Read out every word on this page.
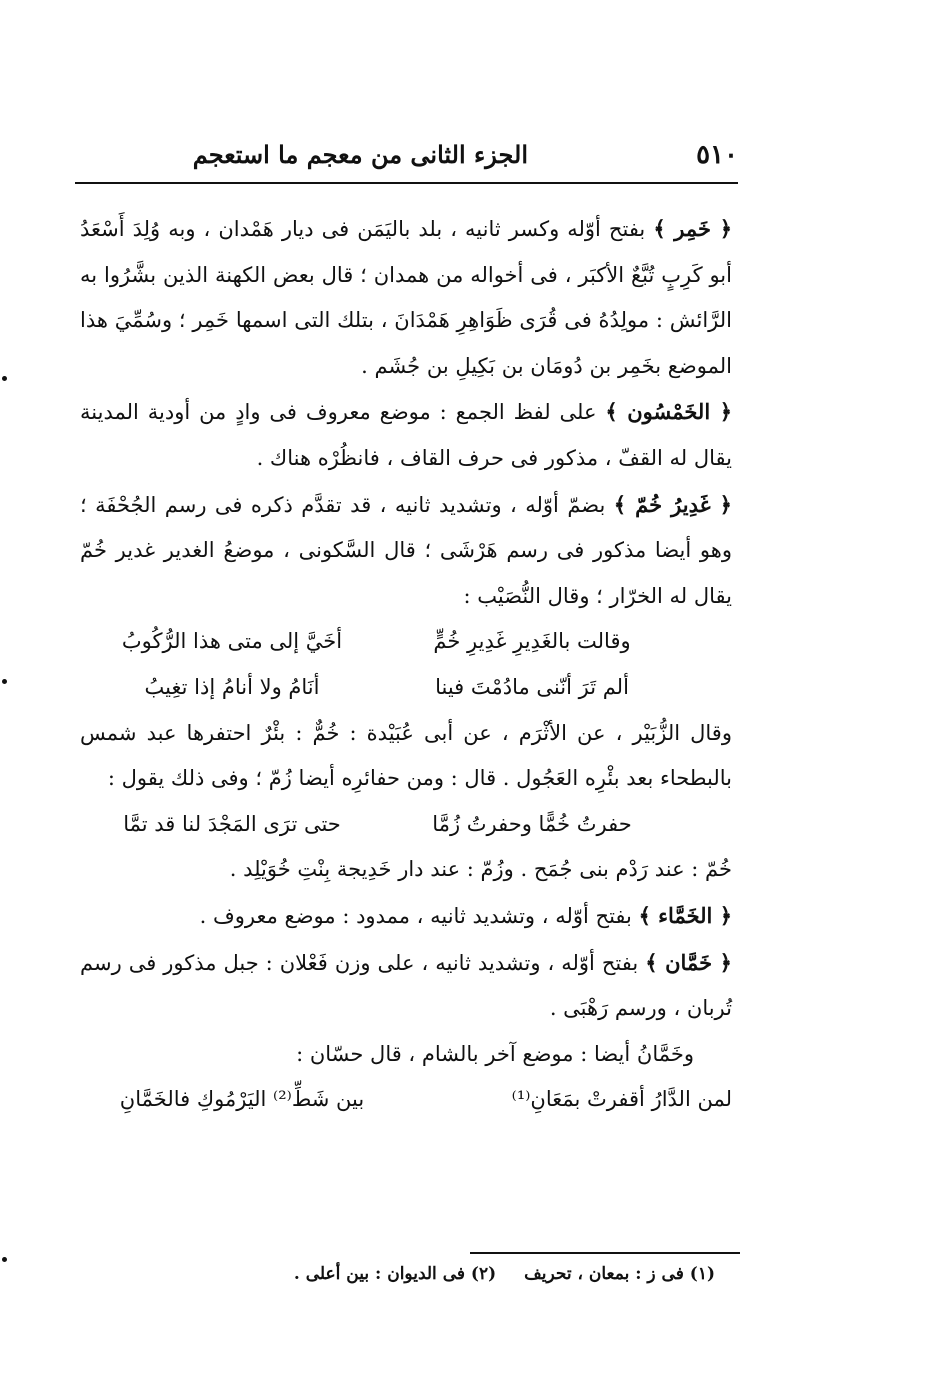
٥١٠
الجزء الثانى من معجم ما استعجم

﴿ خَمِر ﴾ بفتح أوّله وكسر ثانيه ، بلد باليَمَن فى ديار هَمْدان ، وبه وُلِدَ أَسْعَدُ أبو كَرِبٍ تُبَّعٌ الأكبَر ، فى أخواله من همدان ؛ قال بعض الكهنة الذين بشَّرُوا به الرَّائش : مولِدُهُ فى قُرَى ظَوَاهِرِ هَمْدَانَ ، بتلك التى اسمها خَمِر ؛ وسُمِّيَ هذا الموضع بخَمِر بن دُومَان بن بَكِيلِ بن جُشَم .

﴿ الخَمْسُون ﴾ على لفظ الجمع : موضع معروف فى وادٍ من أودية المدينة يقال له القفّ ، مذكور فى حرف القاف ، فانظُرْه هناك .

﴿ غَدِيرُ خُمّ ﴾ بضمّ أوّله ، وتشديد ثانيه ، قد تقدَّم ذكره فى رسم الجُحْفَة ؛ وهو أيضا مذكور فى رسم هَرْشَى ؛ قال السَّكونى ، موضعُ الغدير غدير خُمّ يقال له الخرّار ؛ وقال النُّصَيْب :

وقالت بالغَدِيرِ غَدِيرِ خُمٍّ
أخَيَّ إلى متى هذا الرُّكُوبُ
ألم تَرَ أنّنى مادُمْتَ فينا
أنَامُ ولا أنامُ إذا تغِيبُ

وقال الزُّبَيْر ، عن الأثْرَم ، عن أبى عُبَيْدة : خُمٌّ : بئْرٌ احتفرها عبد شمس بالبطحاء بعد بئْرِه العَجُول . قال : ومن حفائرِه أيضا زُمّ ؛ وفى ذلك يقول :

حفرتُ خُمًّا وحفرتُ زُمَّا
حتى ترَى المَجْدَ لنا قد تمَّا

خُمّ : عند رَدْم بنى جُمَح . وزُمّ : عند دار خَدِيجة بِنْتِ خُوَيْلِد .

﴿ الخَمَّاء ﴾ بفتح أوّله ، وتشديد ثانيه ، ممدود : موضع معروف .

﴿ خَمَّان ﴾ بفتح أوّله ، وتشديد ثانيه ، على وزن فَعْلان : جبل مذكور فى رسم تُربان ، ورسم رَهْبَى .

وخَمَّانُ أيضا : موضع آخر بالشام ، قال حسّان :

لمن الدَّارُ أقفرتْ بمَعَانِ⁽¹⁾
بين شَطِّ⁽²⁾ اليَرْمُوكِ فالخَمَّانِ
(١) فى ز : بمعان ، تحريف
(٢) فى الديوان : بين أعلى .
